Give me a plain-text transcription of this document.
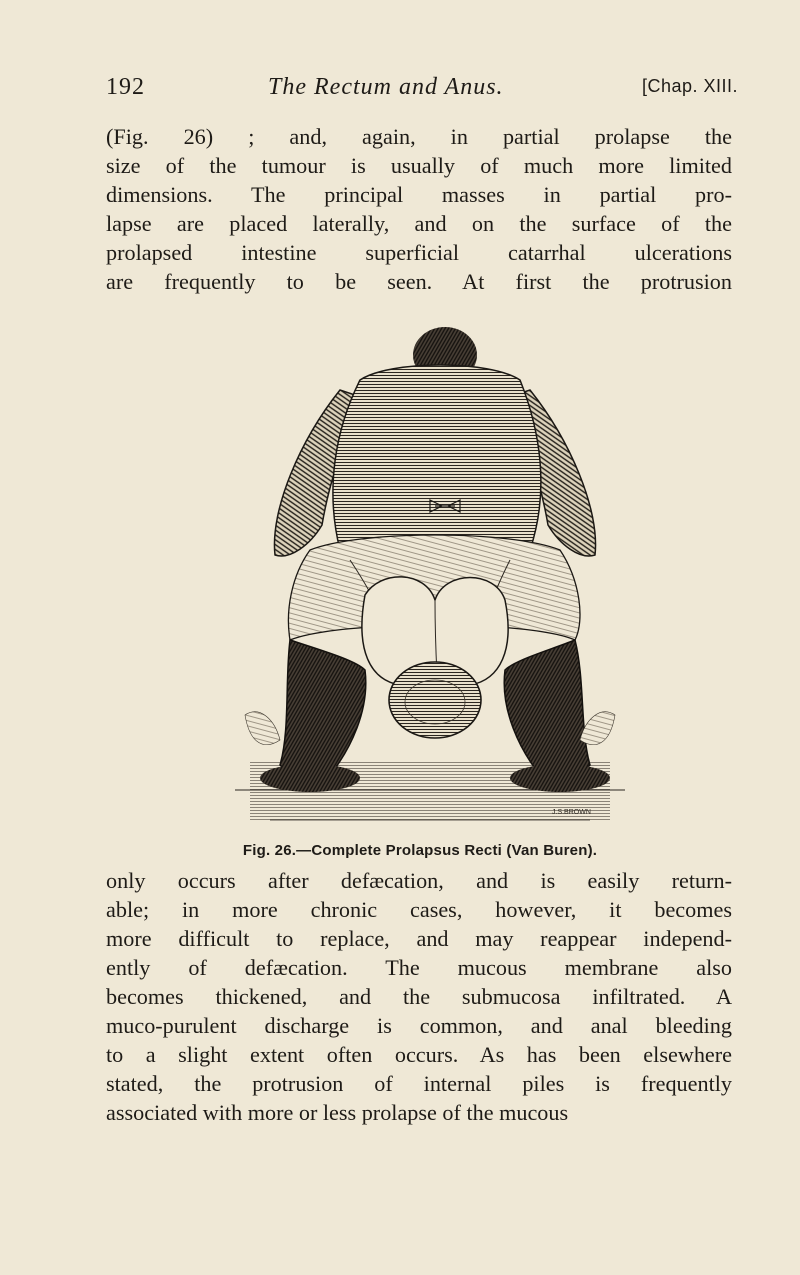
192	The Rectum and Anus.	[Chap. XIII.
(Fig. 26) ; and, again, in partial prolapse the
size of the tumour is usually of much more limited
dimensions. The principal masses in partial pro-
lapse are placed laterally, and on the surface of the
prolapsed intestine superficial catarrhal ulcerations
are frequently to be seen. At first the protrusion
J.S.BROWN
Fig. 26.—Complete Prolapsus Recti (Van Buren).
only occurs after defæcation, and is easily return-
able; in more chronic cases, however, it becomes
more difficult to replace, and may reappear independ-
ently of defæcation. The mucous membrane also
becomes thickened, and the submucosa infiltrated. A
muco-purulent discharge is common, and anal bleeding
to a slight extent often occurs. As has been elsewhere
stated, the protrusion of internal piles is frequently
associated with more or less prolapse of the mucous
